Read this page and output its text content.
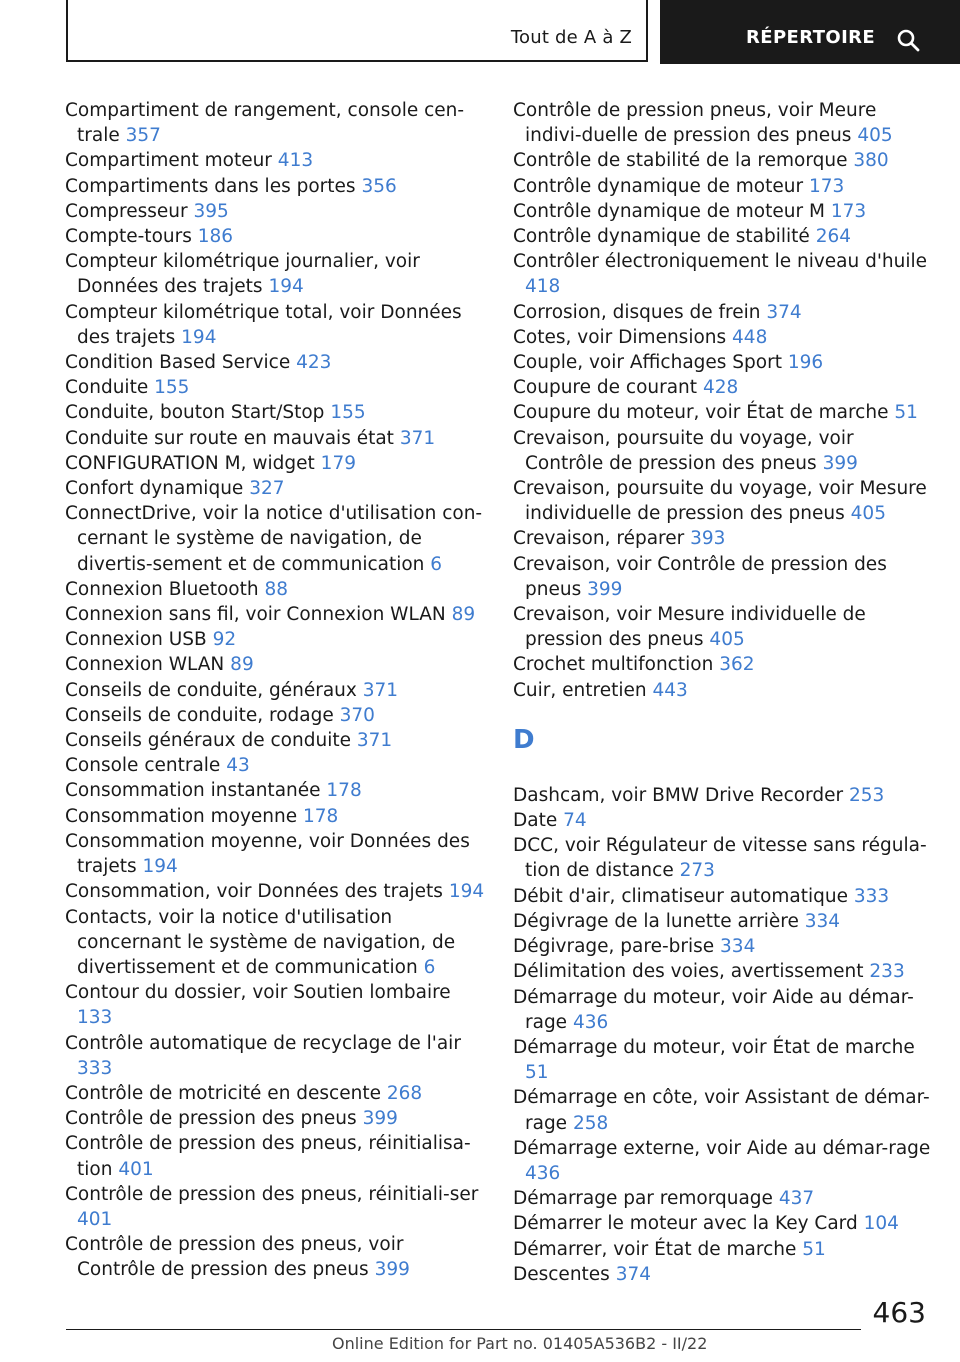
Tout de A à Z	RÉPERTOIRE

Compartiment de rangement, console cen-trale 357

Compartiment moteur 413

Compartiments dans les portes 356

Compresseur 395

Compte-tours 186

Compteur kilométrique journalier, voir Données des trajets 194

Compteur kilométrique total, voir Données des trajets 194

Condition Based Service 423

Conduite 155

Conduite, bouton Start/Stop 155

Conduite sur route en mauvais état 371

CONFIGURATION M, widget 179

Confort dynamique 327

ConnectDrive, voir la notice d'utilisation con-cernant le système de navigation, de divertis-sement et de communication 6

Connexion Bluetooth 88

Connexion sans fil, voir Connexion WLAN 89

Connexion USB 92

Connexion WLAN 89

Conseils de conduite, généraux 371

Conseils de conduite, rodage 370

Conseils généraux de conduite 371

Console centrale 43

Consommation instantanée 178

Consommation moyenne 178

Consommation moyenne, voir Données des trajets 194

Consommation, voir Données des trajets 194

Contacts, voir la notice d'utilisation concernant le système de navigation, de divertissement et de communication 6

Contour du dossier, voir Soutien lombaire 133

Contrôle automatique de recyclage de l'air 333

Contrôle de motricité en descente 268

Contrôle de pression des pneus 399

Contrôle de pression des pneus, réinitialisa-tion 401

Contrôle de pression des pneus, réinitiali-ser 401

Contrôle de pression des pneus, voir Contrôle de pression des pneus 399

Contrôle de pression pneus, voir Meure indivi-duelle de pression des pneus 405

Contrôle de stabilité de la remorque 380

Contrôle dynamique de moteur 173

Contrôle dynamique de moteur M 173

Contrôle dynamique de stabilité 264

Contrôler électroniquement le niveau d'huile 418

Corrosion, disques de frein 374

Cotes, voir Dimensions 448

Couple, voir Affichages Sport 196

Coupure de courant 428

Coupure du moteur, voir État de marche 51

Crevaison, poursuite du voyage, voir Contrôle de pression des pneus 399

Crevaison, poursuite du voyage, voir Mesure individuelle de pression des pneus 405

Crevaison, réparer 393

Crevaison, voir Contrôle de pression des pneus 399

Crevaison, voir Mesure individuelle de pression des pneus 405

Crochet multifonction 362

Cuir, entretien 443

D

Dashcam, voir BMW Drive Recorder 253

Date 74

DCC, voir Régulateur de vitesse sans régula-tion de distance 273

Débit d'air, climatiseur automatique 333

Dégivrage de la lunette arrière 334

Dégivrage, pare-brise 334

Délimitation des voies, avertissement 233

Démarrage du moteur, voir Aide au démar-rage 436

Démarrage du moteur, voir État de marche 51

Démarrage en côte, voir Assistant de démar-rage 258

Démarrage externe, voir Aide au démar-rage 436

Démarrage par remorquage 437

Démarrer le moteur avec la Key Card 104

Démarrer, voir État de marche 51

Descentes 374

463
Online Edition for Part no. 01405A536B2 - II/22
